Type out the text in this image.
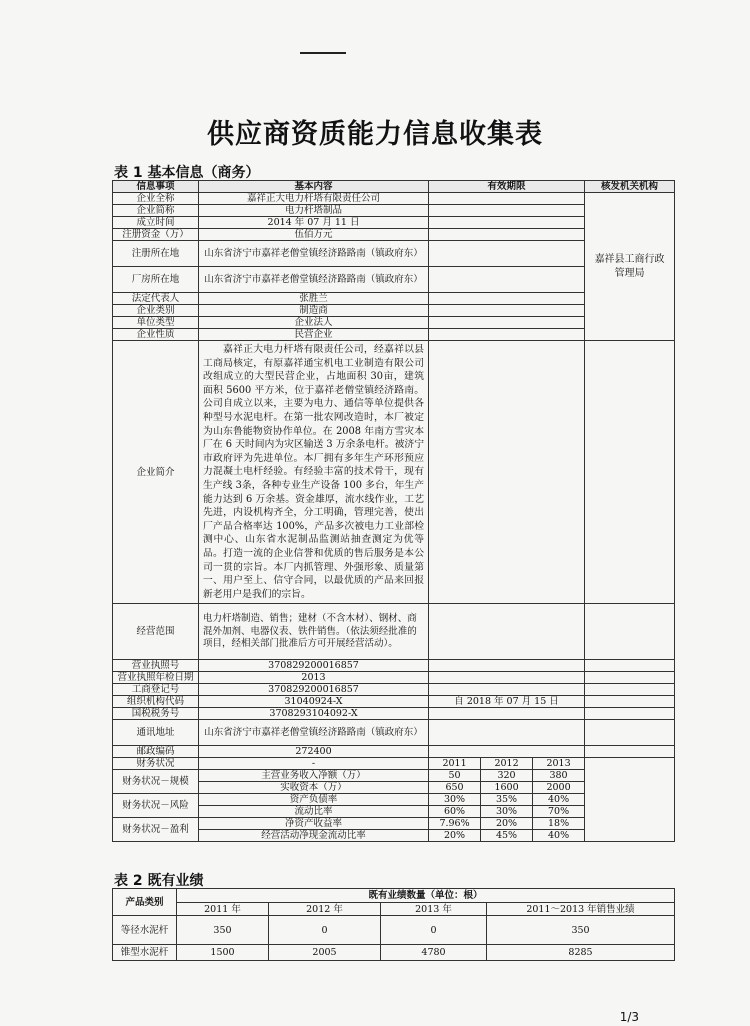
供应商资质能力信息收集表
表 1 基本信息（商务）
信息事项	基本内容	有效期限			核发机关机构
企业全称	嘉祥正大电力杆塔有限责任公司				嘉祥县工商行政管理局
企业简称	电力杆塔制品				
成立时间	2014 年 07 月 11 日				
注册资金（万）	伍佰万元				
注册所在地	山东省济宁市嘉祥老僧堂镇经济路路南（镇政府东）				
厂房所在地	山东省济宁市嘉祥老僧堂镇经济路路南（镇政府东）				
法定代表人	张胜兰				
企业类别	制造商				
单位类型	企业法人				
企业性质	民营企业				
企业简介	嘉祥正大电力杆塔有限责任公司，经嘉祥以县工商局核定，有原嘉祥通宝机电工业制造有限公司改组成立的大型民营企业，占地面积 30亩，建筑面积 5600 平方米，位于嘉祥老僧堂镇经济路南。公司自成立以来，主要为电力、通信等单位提供各种型号水泥电杆。在第一批农网改造时，本厂被定为山东鲁能物资协作单位。在 2008 年南方雪灾本厂在 6 天时间内为灾区输送 3 万余条电杆。被济宁市政府评为先进单位。本厂拥有多年生产环形预应力混凝土电杆经验。有经验丰富的技术骨干，现有生产线 3条，各种专业生产设备 100 多台，年生产能力达到 6 万余基。资金雄厚，流水线作业，工艺先进，内设机构齐全，分工明确，管理完善，使出厂产品合格率达 100%，产品多次被电力工业部检测中心、山东省水泥制品监测站抽查测定为优等品。打造一流的企业信誉和优质的售后服务是本公司一贯的宗旨。本厂内抓管理、外强形象、质量第一、用户至上、信守合同，以最优质的产品来回报新老用户是我们的宗旨。				
经营范围	电力杆塔制造、销售；建材（不含木材）、钢材、商混外加剂、电器仪表、铁件销售。（依法须经批准的项目，经相关部门批准后方可开展经营活动）。				
营业执照号	370829200016857				
营业执照年检日期	2013				
工商登记号	370829200016857				
组织机构代码	31040924-X	自 2018 年 07 月 15 日			
国税税务号	3708293104092-X				
通讯地址	山东省济宁市嘉祥老僧堂镇经济路路南（镇政府东）				
邮政编码	272400				
财务状况	-	2011	2012	2013	
财务状况－规模	主营业务收入净额（万）	50	320	380	
	实收资本（万）	650	1600	2000	
财务状况－风险	资产负债率	30%	35%	40%	
	流动比率	60%	30%	70%	
财务状况－盈利	净资产收益率	7.96%	20%	18%	
	经营活动净现金流动比率	20%	45%	40%	
表 2 既有业绩
产品类别	既有业绩数量（单位：根）			
	2011 年	2012 年	2013 年	2011～2013 年销售业绩
等径水泥杆	350	0	0	350
锥型水泥杆	1500	2005	4780	8285
1/3
